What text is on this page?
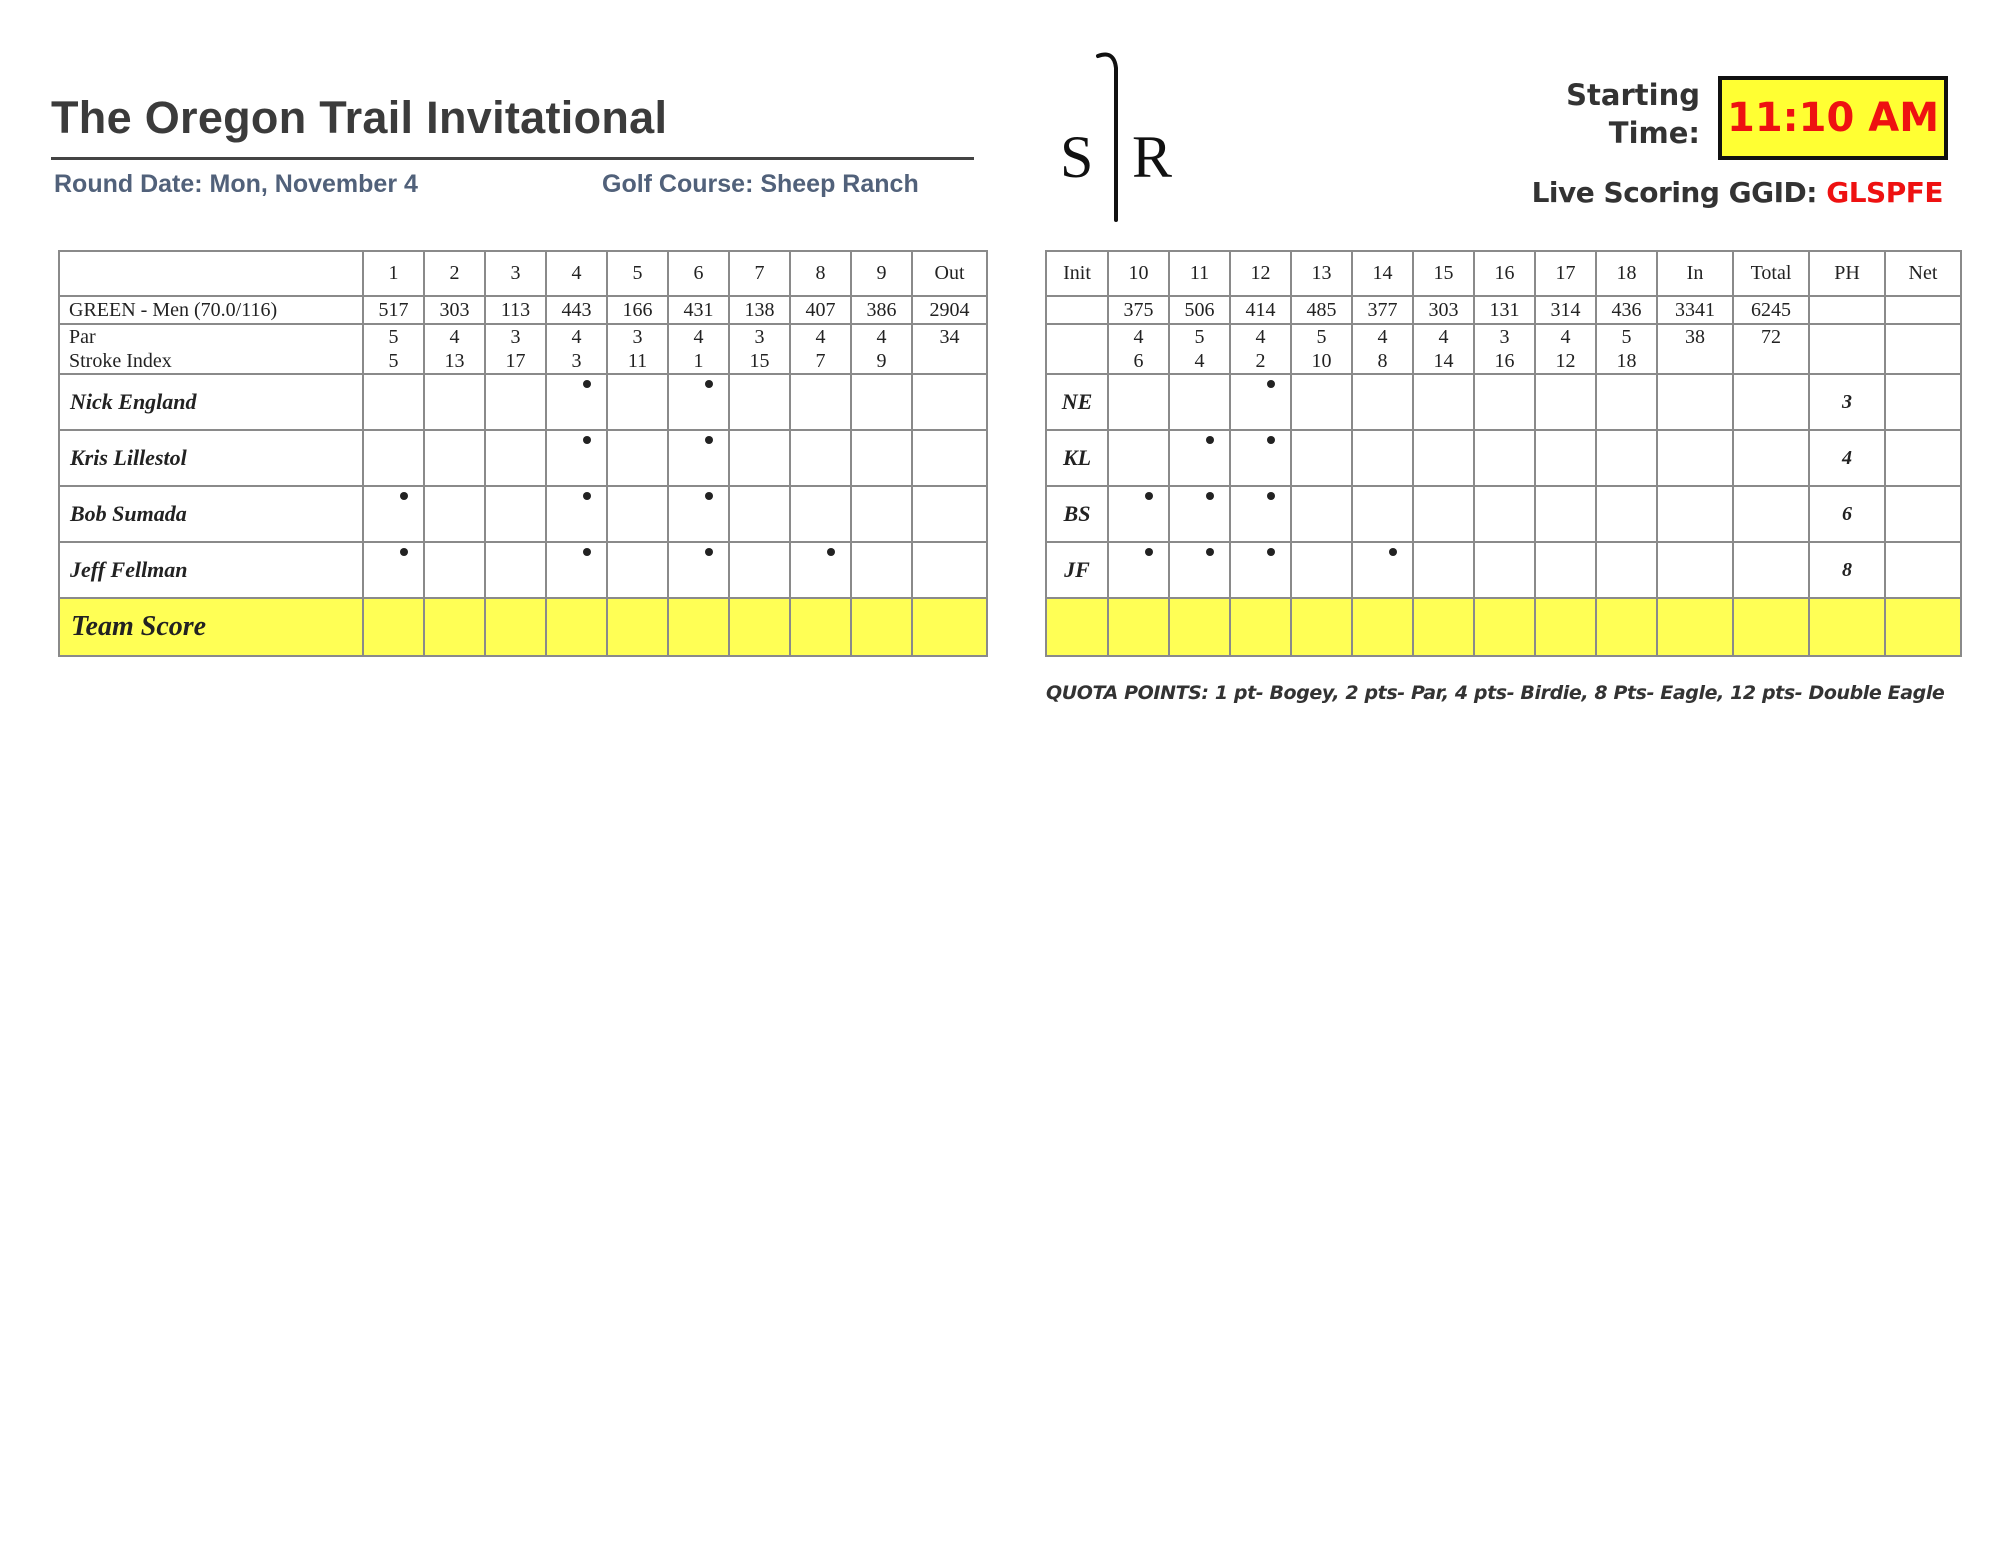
The Oregon Trail Invitational
Round Date: Mon, November 4	Golf Course: Sheep Ranch S R
Starting
Time: 11:10 AM
Live Scoring GGID: GLSPFE
	1	2	3	4	5	6	7	8	9	Out
GREEN - Men (70.0/116)	517	303	113	443	166	431	138	407	386	2904
Par	5	4	3	4	3	4	3	4	4	34
Stroke Index	5	13	17	3	11	1	15	7	9	
Nick England				

Kris Lillestol				

Bob Sumada	

Jeff Fellman	

Team Score										
Init	10	11	12	13	14	15	16	17	18	In	Total	PH	Net
	375	506	414	485	377	303	131	314	436	3341	6245		
	4	5	4	5	4	4	3	4	5	38	72		
	6	4	2	10	8	14	16	12	18				
NE												3	
KL												4	
BS												6	
JF												8	

QUOTA POINTS: 1 pt- Bogey, 2 pts- Par, 4 pts- Birdie, 8 Pts- Eagle, 12 pts- Double Eagle
